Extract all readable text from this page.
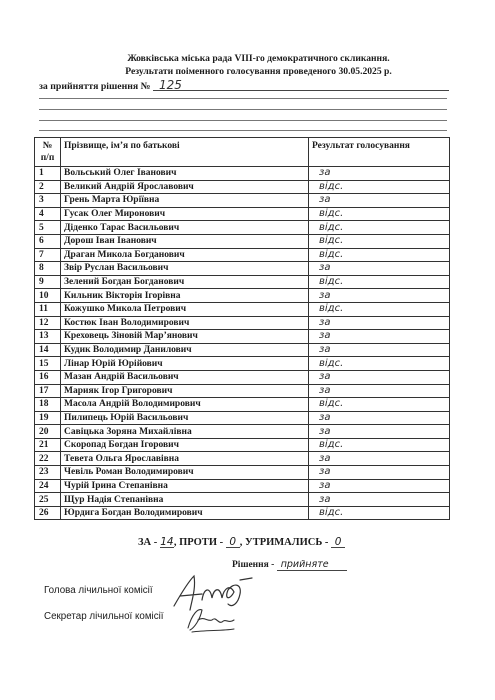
Жовківська міська рада VIII-го демократичного скликання.
Результати поіменного голосування проведеного 30.05.2025 р.
за прийняття рішення № 125
№
п/п	Прізвище, ім’я по батькові	Результат голосування
1	Вольський Олег Іванович	за
2	Великий Андрій Ярославович	відс.
3	Грень Марта Юріївна	за
4	Гусак Олег Миронович	відс.
5	Діденко Тарас Васильович	відс.
6	Дорош Іван Іванович	відс.
7	Драган Микола Богданович	відс.
8	Звір Руслан Васильович	за
9	Зелений Богдан Богданович	відс.
10	Кильник Вікторія Ігорівна	за
11	Кожушко Микола Петрович	відс.
12	Костюк Іван Володимирович	за
13	Креховець Зіновій Мар’янович	за
14	Кудик Володимир Данилович	за
15	Лінар Юрій Юрійович	відс.
16	Мазан Андрій Васильович	за
17	Марияк Ігор Григорович	за
18	Масола Андрій Володимирович	відс.
19	Пилипець Юрій Васильович	за
20	Савіцька Зоряна Михайлівна	за
21	Скоропад Богдан Ігорович	відс.
22	Тевета Ольга Ярославівна	за
23	Чевіль Роман Володимирович	за
24	Чурій Ірина Степанівна	за
25	Щур Надія Степанівна	за
26	Юрдига Богдан Володимирович	відс.
ЗА - 14, ПРОТИ - 0 , УТРИМАЛИСЬ - 0
Рішення - прийняте
Голова лічильної комісії
Секретар лічильної комісії
